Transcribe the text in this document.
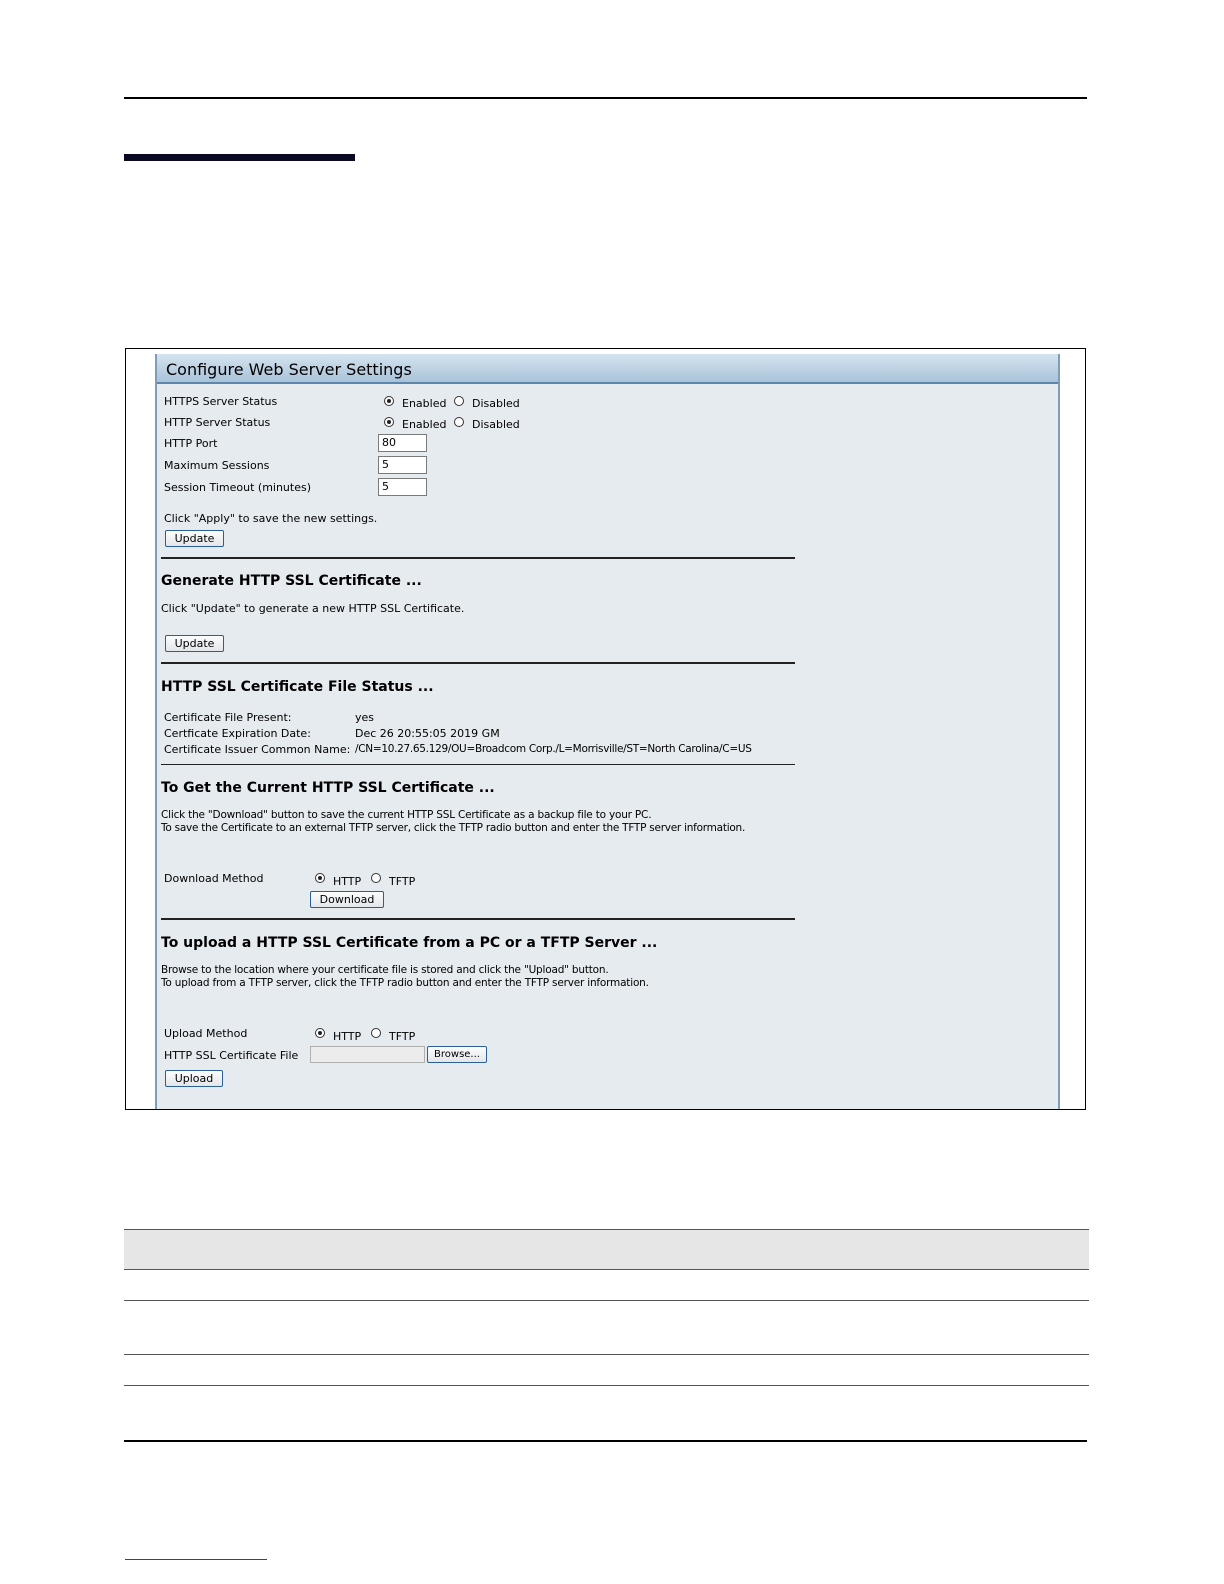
Configure Web Server Settings
HTTPS Server Status	Enabled Disabled
HTTP Server Status	Enabled Disabled
HTTP Port	80
Maximum Sessions	5
Session Timeout (minutes)	5
Click "Apply" to save the new settings.
Update
Generate HTTP SSL Certificate ...
Click "Update" to generate a new HTTP SSL Certificate.
Update
HTTP SSL Certificate File Status ...
Certificate File Present:	yes
Certficate Expiration Date:	Dec 26 20:55:05 2019 GM
Certificate Issuer Common Name: /CN=10.27.65.129/OU=Broadcom Corp./L=Morrisville/ST=North Carolina/C=US
To Get the Current HTTP SSL Certificate ...
Click the "Download" button to save the current HTTP SSL Certificate as a backup file to your PC.
To save the Certificate to an external TFTP server, click the TFTP radio button and enter the TFTP server information.
Download Method	HTTP	TFTP
Download
To upload a HTTP SSL Certificate from a PC or a TFTP Server ...
Browse to the location where your certificate file is stored and click the "Upload" button.
To upload from a TFTP server, click the TFTP radio button and enter the TFTP server information.
Upload Method	HTTP	TFTP
HTTP SSL Certificate File	Browse...
Upload
